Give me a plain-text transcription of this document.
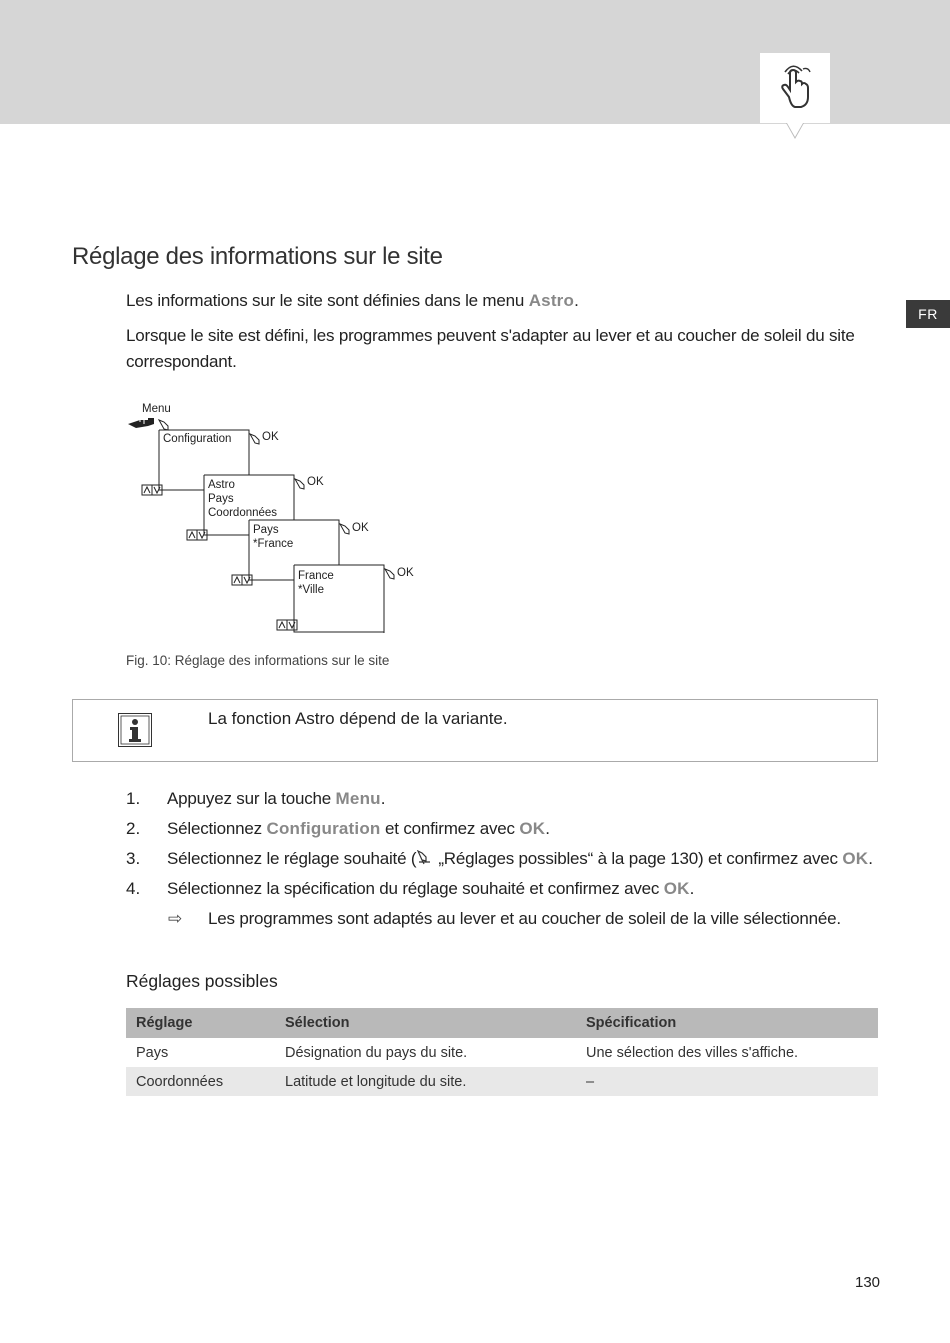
FR
Réglage des informations sur le site
Les informations sur le site sont définies dans le menu Astro.
Lorsque le site est défini, les programmes peuvent s'adapter au lever et au coucher de soleil du site correspondant.
Menu
Configuration	OK
Astro
Pays
Coordonnées
OK
Pays
*France
OK
France
*Ville
OK
Fig. 10: Réglage des informations sur le site
La fonction Astro dépend de la variante.
1. Appuyez sur la touche Menu.
2. Sélectionnez Configuration et confirmez avec OK.
3. Sélectionnez le réglage souhaité ( „Réglages possibles“ à la page 130) et confirmez avec OK.
4. Sélectionnez la spécification du réglage souhaité et confirmez avec OK.
⇨ Les programmes sont adaptés au lever et au coucher de soleil de la ville sélectionnée.
Réglages possibles
Réglage	Sélection	Spécification
Pays	Désignation du pays du site.	Une sélection des villes s'affiche.
Coordonnées	Latitude et longitude du site.	–
130
